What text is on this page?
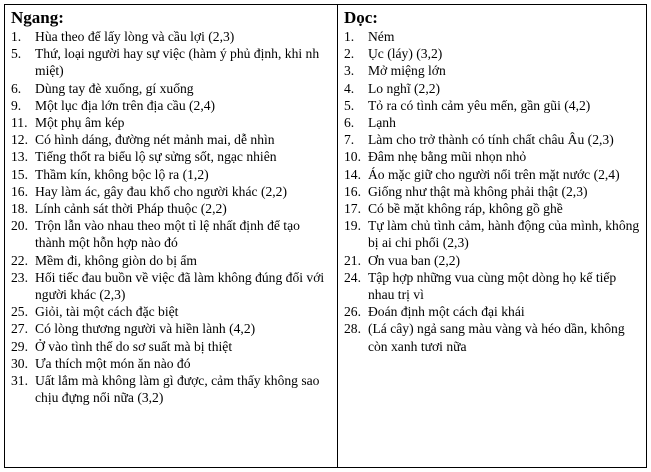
Ngang:
1.	Hùa theo để lấy lòng và cầu lợi (2,3)
5.	Thứ, loại người hay sự việc (hàm ý phủ định, khi nh miệt)
6.	Dùng tay đè xuống, gí xuống
9.	Một lục địa lớn trên địa cầu (2,4)
11. Một phụ âm kép
12. Có hình dáng, đường nét mảnh mai, dễ nhìn
13. Tiếng thốt ra biểu lộ sự sửng sốt, ngạc nhiên
15. Thầm kín, không bộc lộ ra (1,2)
16. Hay làm ác, gây đau khổ cho người khác (2,2)
18. Lính cảnh sát thời Pháp thuộc (2,2)
20. Trộn lẫn vào nhau theo một tỉ lệ nhất định để tạo thành một hỗn hợp nào đó
22. Mềm đi, không giòn do bị ẩm
23. Hối tiếc đau buồn về việc đã làm không đúng đối với người khác (2,3)
25. Giỏi, tài một cách đặc biệt
27. Có lòng thương người và hiền lành (4,2)
29. Ở vào tình thế do sơ suất mà bị thiệt
30. Ưa thích một món ăn nào đó
31. Uất lắm mà không làm gì được, cảm thấy không sao chịu đựng nổi nữa (3,2)
Dọc:
1.	Ném
2.	Ục (láy) (3,2)
3.	Mở miệng lớn
4.	Lo nghĩ (2,2)
5.	Tỏ ra có tình cảm yêu mến, gần gũi (4,2)
6.	Lạnh
7.	Làm cho trở thành có tính chất châu Âu (2,3)
10. Đâm nhẹ bằng mũi nhọn nhỏ
14. Áo mặc giữ cho người nổi trên mặt nước (2,4)
16. Giống như thật mà không phải thật (2,3)
17. Có bề mặt không ráp, không gồ ghề
19. Tự làm chủ tình cảm, hành động của mình, không bị ai chi phối (2,3)
21. Ơn vua ban (2,2)
24. Tập hợp những vua cùng một dòng họ kế tiếp nhau trị vì
26. Đoán định một cách đại khái
28. (Lá cây) ngả sang màu vàng và héo dần, không còn xanh tươi nữa
